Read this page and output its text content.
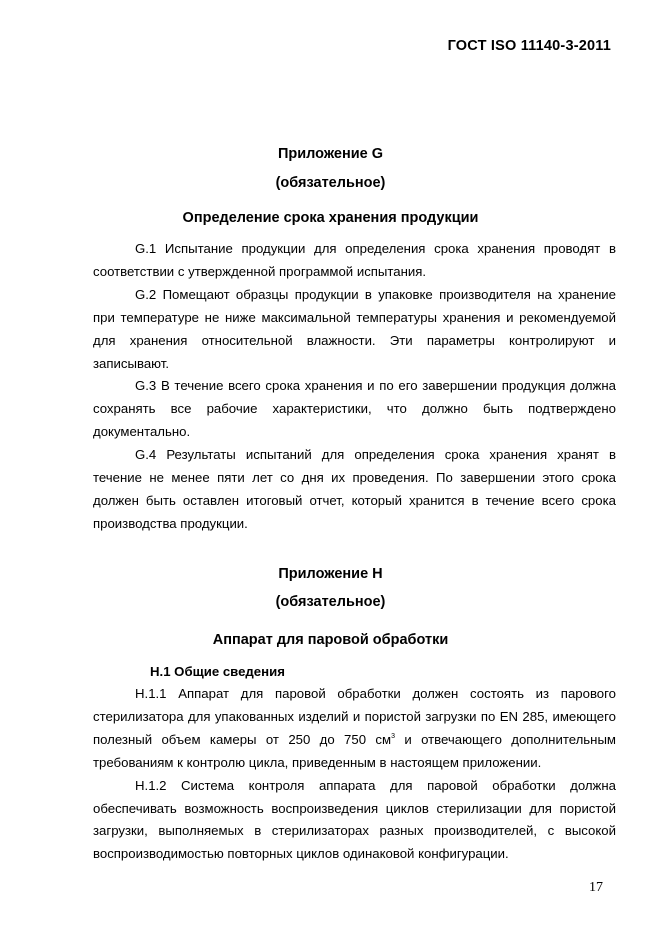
ГОСТ ISO 11140-3-2011
Приложение G
(обязательное)
Определение срока хранения продукции

G.1 Испытание продукции для определения срока хранения проводят в соответствии с утвержденной программой испытания.

G.2 Помещают образцы продукции в упаковке производителя на хранение при температуре не ниже максимальной температуры хранения и рекомендуемой для хранения относительной влажности. Эти параметры контролируют и записывают.

G.3 В течение всего срока хранения и по его завершении продукция должна сохранять все рабочие характеристики, что должно быть подтверждено документально.

G.4 Результаты испытаний для определения срока хранения хранят в течение не менее пяти лет со дня их проведения. По завершении этого срока должен быть оставлен итоговый отчет, который хранится в течение всего срока производства продукции.

Приложение H
(обязательное)
Аппарат для паровой обработки
H.1 Общие сведения

H.1.1 Аппарат для паровой обработки должен состоять из парового стерилизатора для упакованных изделий и пористой загрузки по EN 285, имеющего полезный объем камеры от 250 до 750 $см^3$ и отвечающего дополнительным требованиям к контролю цикла, приведенным в настоящем приложении.

H.1.2 Система контроля аппарата для паровой обработки должна обеспечивать возможность воспроизведения циклов стерилизации для пористой загрузки, выполняемых в стерилизаторах разных производителей, с высокой воспроизводимостью повторных циклов одинаковой конфигурации.

17
